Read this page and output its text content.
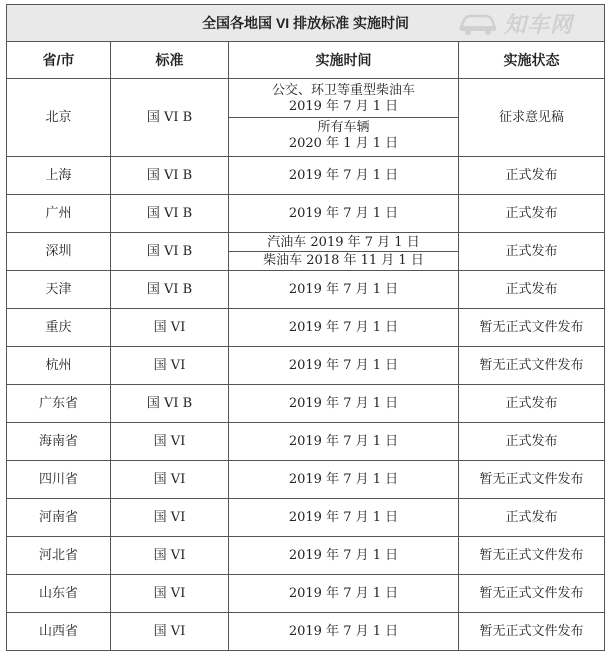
全国各地国 VI 排放标准 实施时间			
省/市	标准	实施时间	实施状态
北京	国 VI B	公交、环卫等重型柴油车
2019 年 7 月 1 日
所有车辆
2020 年 1 月 1 日	征求意见稿
上海	国 VI B	2019 年 7 月 1 日	正式发布
广州	国 VI B	2019 年 7 月 1 日	正式发布
深圳	国 VI B	汽油车 2019 年 7 月 1 日
柴油车 2018 年 11 月 1 日	正式发布
天津	国 VI B	2019 年 7 月 1 日	正式发布
重庆	国 VI	2019 年 7 月 1 日	暂无正式文件发布
杭州	国 VI	2019 年 7 月 1 日	暂无正式文件发布
广东省	国 VI B	2019 年 7 月 1 日	正式发布
海南省	国 VI	2019 年 7 月 1 日	正式发布
四川省	国 VI	2019 年 7 月 1 日	暂无正式文件发布
河南省	国 VI	2019 年 7 月 1 日	正式发布
河北省	国 VI	2019 年 7 月 1 日	暂无正式文件发布
山东省	国 VI	2019 年 7 月 1 日	暂无正式文件发布
山西省	国 VI	2019 年 7 月 1 日	暂无正式文件发布
知车网
